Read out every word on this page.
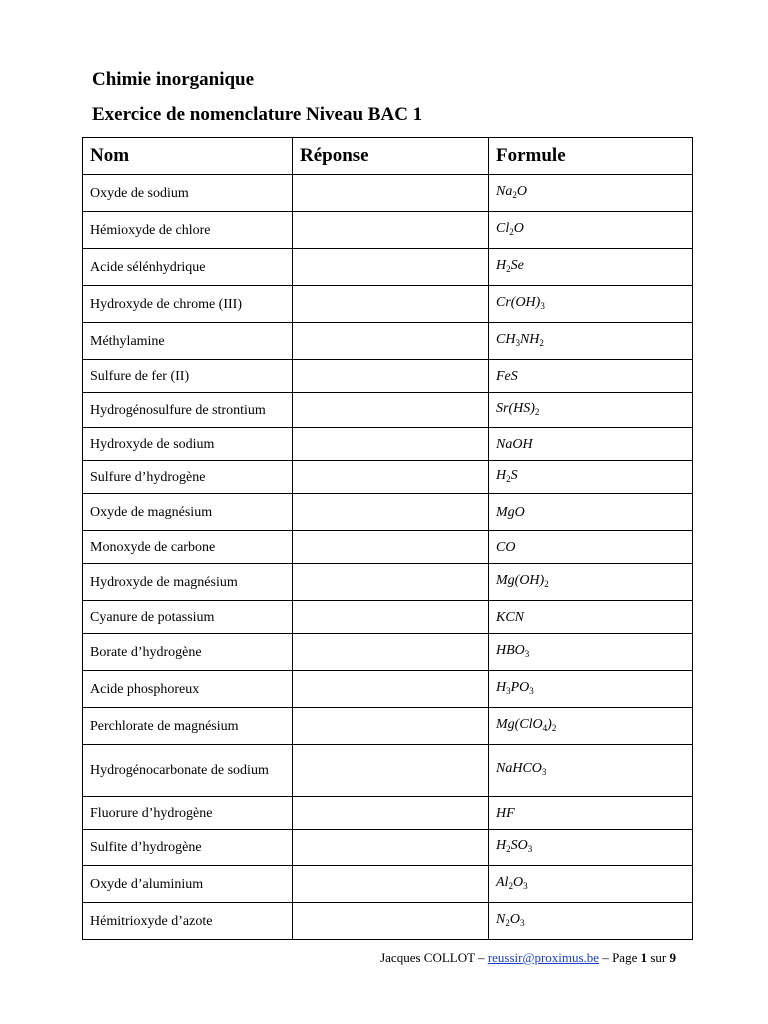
Chimie inorganique
Exercice de nomenclature Niveau BAC 1
Nom	Réponse	Formule
Oxyde de sodium		$Na_2O$
Hémioxyde de chlore		$Cl_2O$
Acide sélénhydrique		$H_2Se$
Hydroxyde de chrome (III)		$Cr(OH)_3$
Méthylamine		$CH_3NH_2$
Sulfure de fer (II)		FeS
Hydrogénosulfure de strontium		$Sr(HS)_2$
Hydroxyde de sodium		NaOH
Sulfure d’hydrogène		$H_2S$
Oxyde de magnésium		MgO
Monoxyde de carbone		CO
Hydroxyde de magnésium		$Mg(OH)_2$
Cyanure de potassium		KCN
Borate d’hydrogène		$HBO_3$
Acide phosphoreux		$H_3PO_3$
Perchlorate de magnésium		$Mg(ClO_4)_2$
Hydrogénocarbonate de sodium		NaHCO$_3$
Fluorure d’hydrogène		HF
Sulfite d’hydrogène		$H_2SO_3$
Oxyde d’aluminium		$Al_2O_3$
Hémitrioxyde d’azote		$N_2O_3$
Jacques COLLOT – reussir@proximus.be – Page 1 sur 9
